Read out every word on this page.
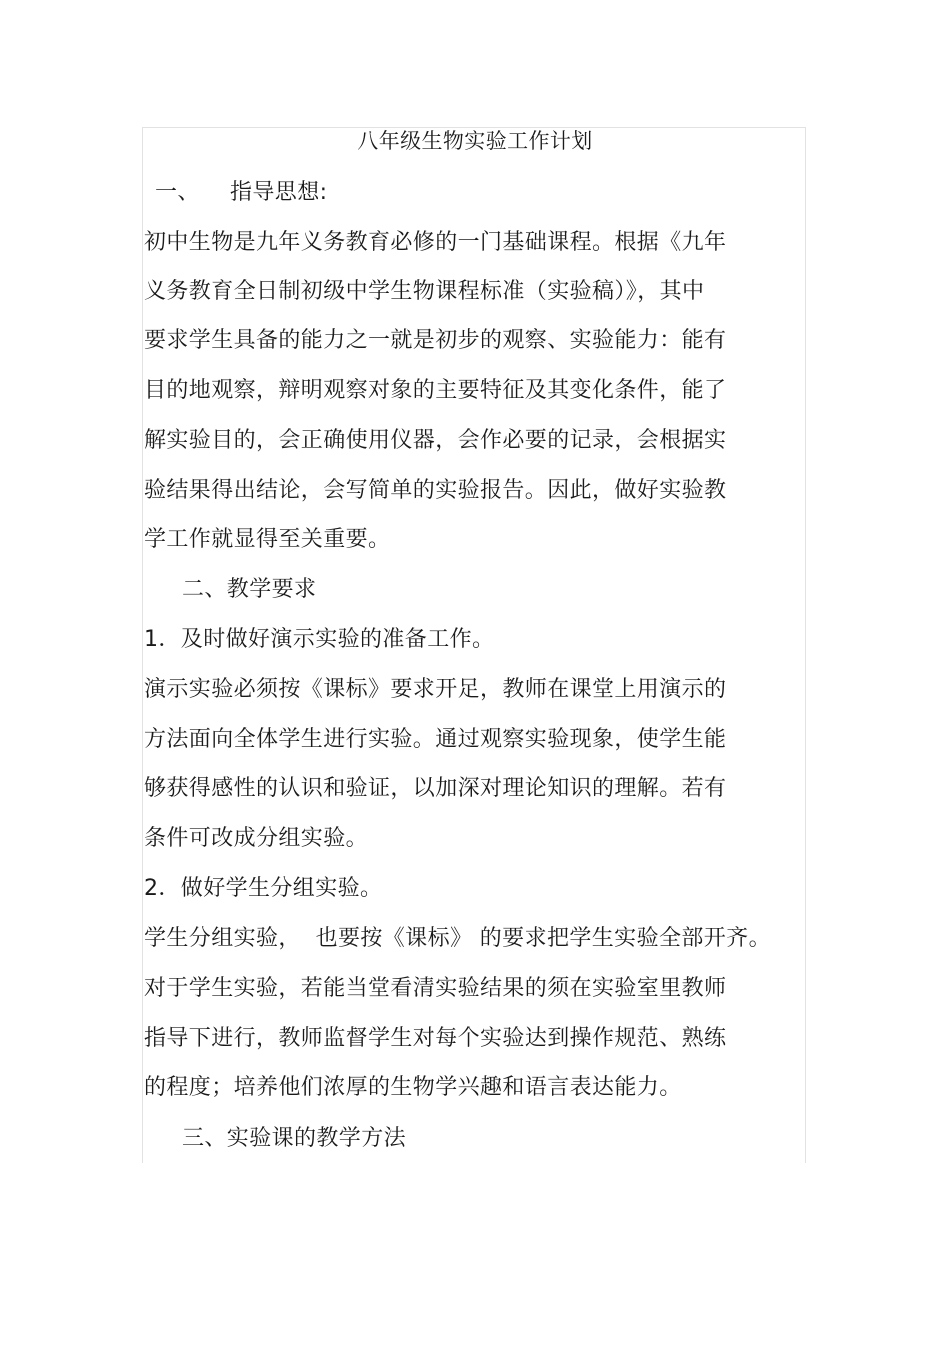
八年级生物实验工作计划
一、 指导思想:
初中生物是九年义务教育必修的一门基础课程。根据《九年
义务教育全日制初级中学生物课程标准（实验稿）》，其中
要求学生具备的能力之一就是初步的观察、实验能力：能有
目的地观察，辩明观察对象的主要特征及其变化条件，能了
解实验目的，会正确使用仪器，会作必要的记录，会根据实
验结果得出结论，会写简单的实验报告。因此，做好实验教
学工作就显得至关重要。
二、教学要求
1．及时做好演示实验的准备工作。
演示实验必须按《课标》要求开足，教师在课堂上用演示的
方法面向全体学生进行实验。通过观察实验现象，使学生能
够获得感性的认识和验证，以加深对理论知识的理解。若有
条件可改成分组实验。
2．做好学生分组实验。
学生分组实验，  也要按《课标》 的要求把学生实验全部开齐。
对于学生实验，若能当堂看清实验结果的须在实验室里教师
指导下进行，教师监督学生对每个实验达到操作规范、熟练
的程度；培养他们浓厚的生物学兴趣和语言表达能力。
三、实验课的教学方法
